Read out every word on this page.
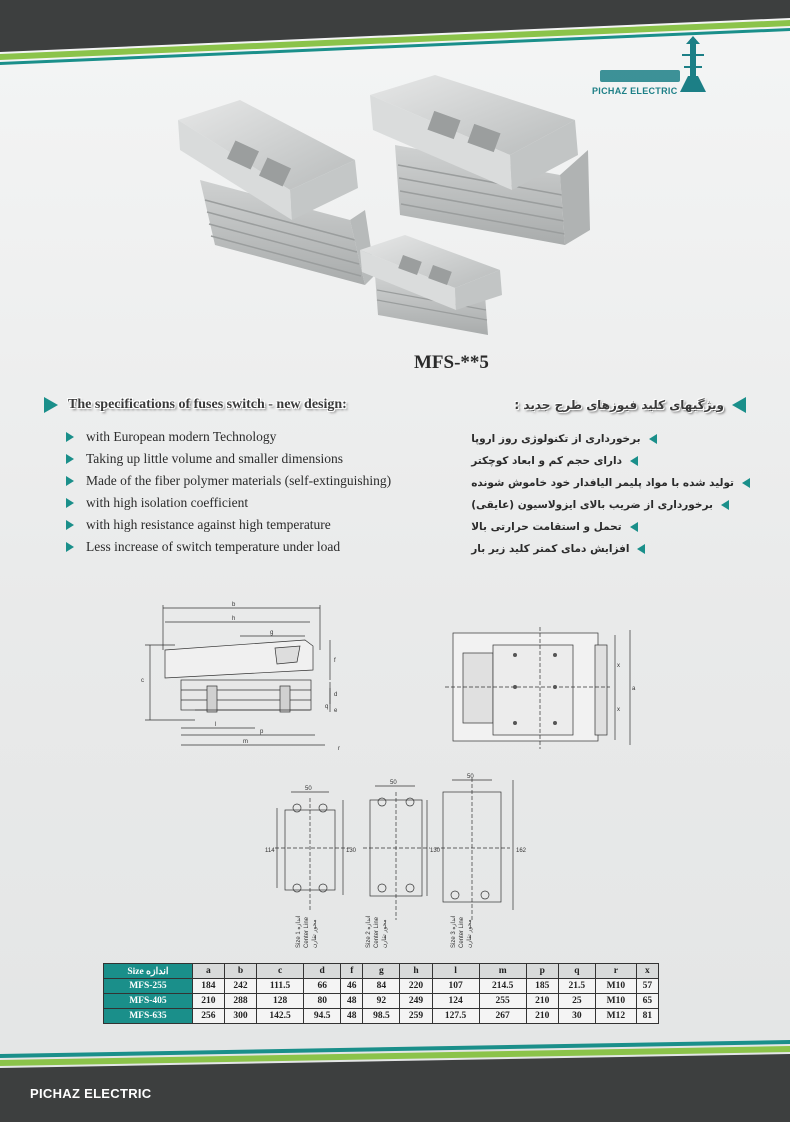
PICHAZ ELECTRIC
MFS-**5
The specifications of fuses switch - new design:	ویژگیهای کلید فیوزهای طرح جدید :
with European modern Technology
Taking up little volume and smaller dimensions
Made of the fiber polymer materials (self-extinguishing)
with high isolation coefficient
with high resistance against high temperature
Less increase of switch temperature under load
برخورداری از تکنولوژی روز اروپا
دارای حجم کم و ابعاد کوچکتر
تولید شده با مواد پلیمر الیافدار خود خاموش شونده
برخورداری از ضریب بالای ایزولاسیون (عایقی)
تحمل و استقامت حرارتی بالا
افزایش دمای کمتر کلید زیر بار
b
h
g
f
c
d
q
e
p
l
m
r
x
x
a
50
114	130
50
130	162
50
Size 1 اندازه Center Line محور تقارن	Size 2 اندازه Center Line محور تقارن	Size 3 اندازه Center Line محور تقارن
Size اندازه	a	b	c	d	f	g	h	l	m	p	q	r	x
MFS-255	184	242	111.5	66	46	84	220	107	214.5	185	21.5	M10	57
MFS-405	210	288	128	80	48	92	249	124	255	210	25	M10	65
MFS-635	256	300	142.5	94.5	48	98.5	259	127.5	267	210	30	M12	81
PICHAZ ELECTRIC
